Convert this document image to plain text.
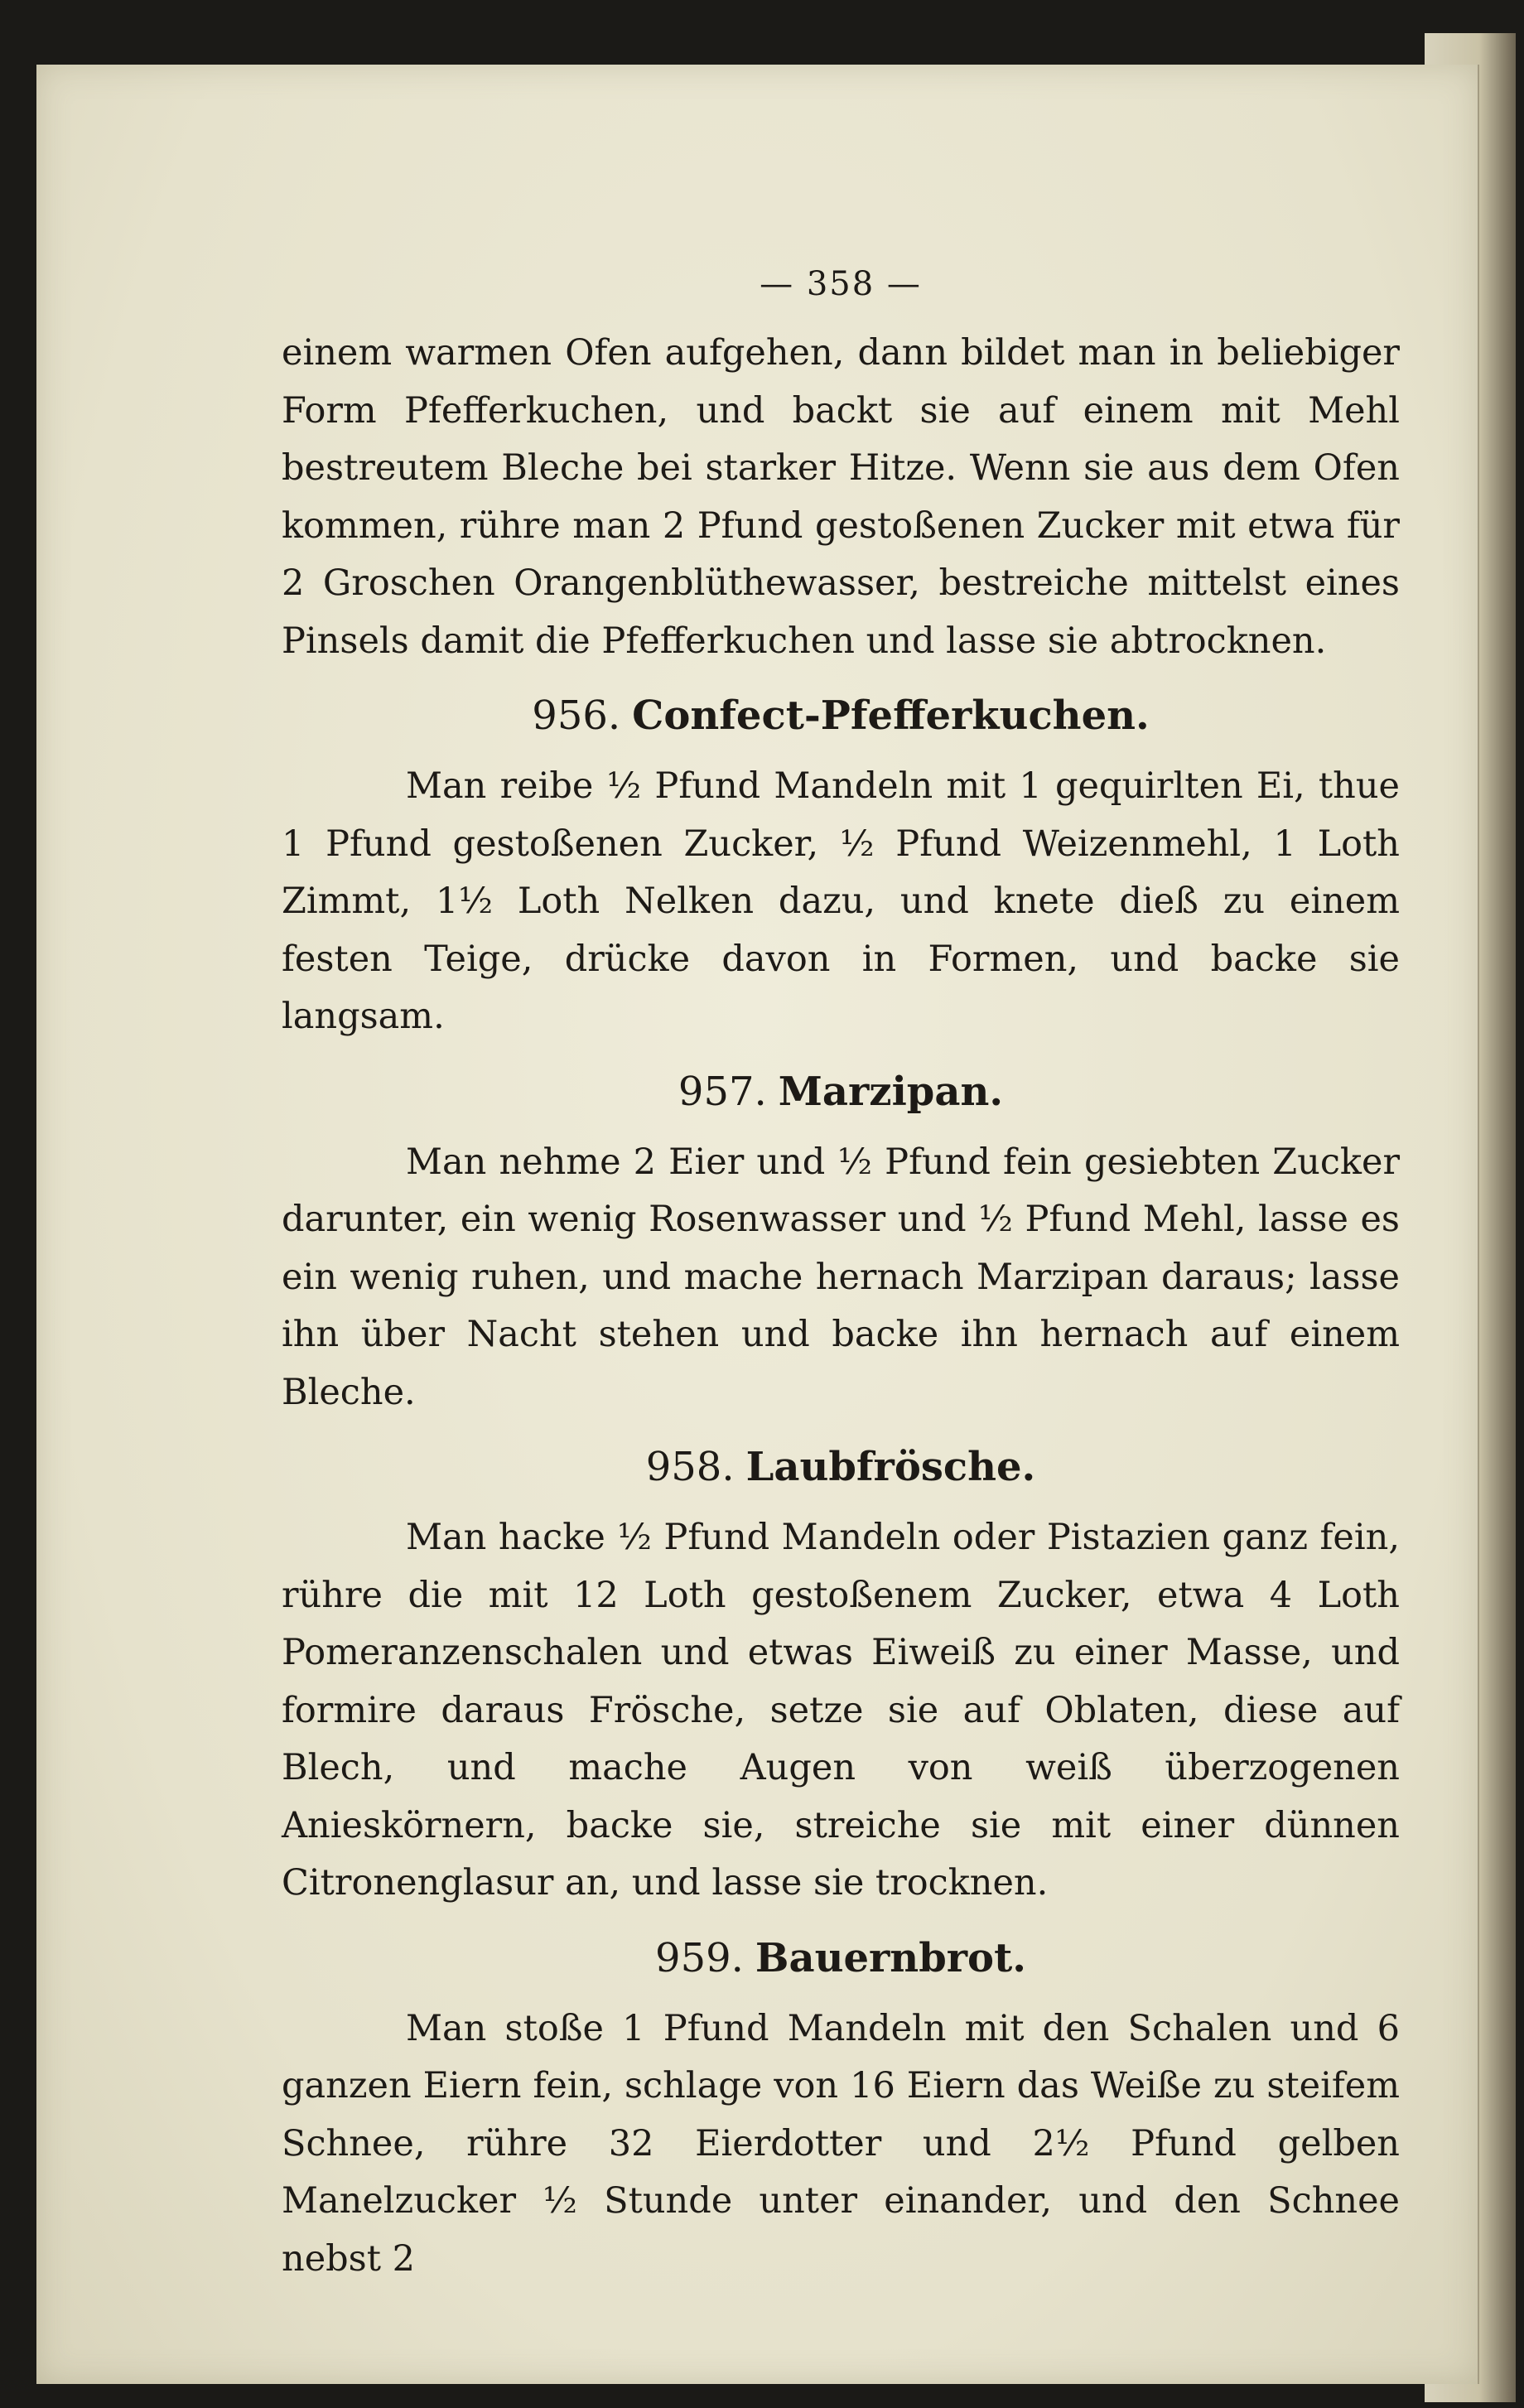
— 358 —

einem warmen Ofen aufgehen, dann bildet man in beliebiger Form Pfefferkuchen, und backt sie auf einem mit Mehl bestreutem Bleche bei starker Hitze. Wenn sie aus dem Ofen kommen, rühre man 2 Pfund gestoßenen Zucker mit etwa für 2 Groschen Orangenblüthewasser, bestreiche mittelst eines Pinsels damit die Pfefferkuchen und lasse sie abtrocknen.

956. Confect-Pfefferkuchen.

Man reibe ½ Pfund Mandeln mit 1 gequirlten Ei, thue 1 Pfund gestoßenen Zucker, ½ Pfund Weizenmehl, 1 Loth Zimmt, 1½ Loth Nelken dazu, und knete dieß zu einem festen Teige, drücke davon in Formen, und backe sie langsam.

957. Marzipan.

Man nehme 2 Eier und ½ Pfund fein gesiebten Zucker darunter, ein wenig Rosenwasser und ½ Pfund Mehl, lasse es ein wenig ruhen, und mache hernach Marzipan daraus; lasse ihn über Nacht stehen und backe ihn hernach auf einem Bleche.

958. Laubfrösche.

Man hacke ½ Pfund Mandeln oder Pistazien ganz fein, rühre die mit 12 Loth gestoßenem Zucker, etwa 4 Loth Pomeranzenschalen und etwas Eiweiß zu einer Masse, und formire daraus Frösche, setze sie auf Oblaten, diese auf Blech, und mache Augen von weiß überzogenen Anieskörnern, backe sie, streiche sie mit einer dünnen Citronenglasur an, und lasse sie trocknen.

959. Bauernbrot.

Man stoße 1 Pfund Mandeln mit den Schalen und 6 ganzen Eiern fein, schlage von 16 Eiern das Weiße zu steifem Schnee, rühre 32 Eierdotter und 2½ Pfund gelben Manelzucker ½ Stunde unter einander, und den Schnee nebst 2
